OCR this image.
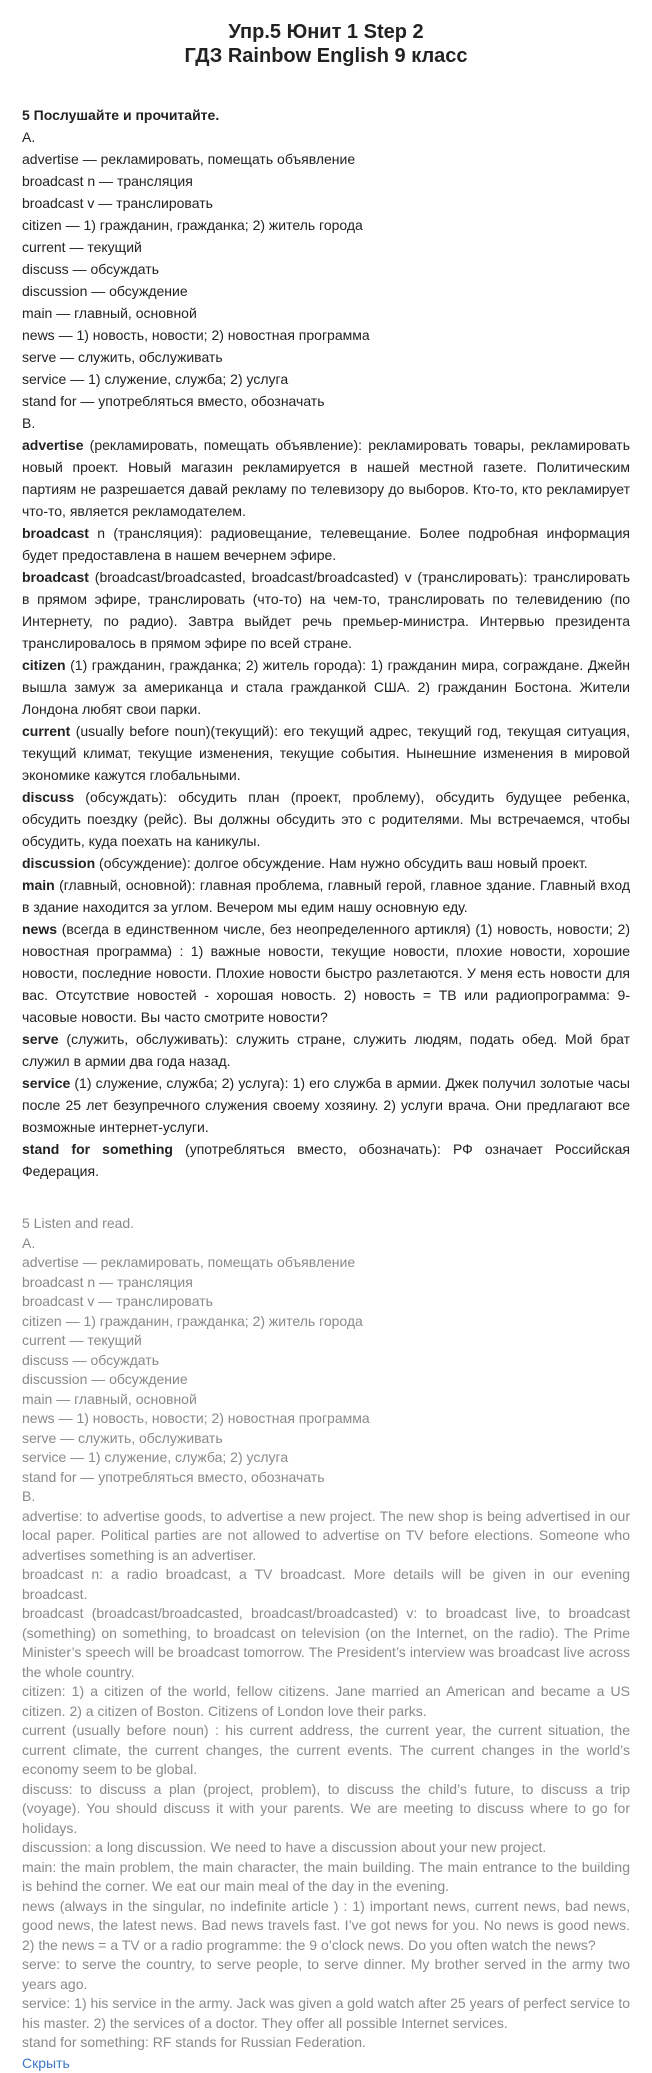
Упр.5 Юнит 1 Step 2
ГДЗ Rainbow English 9 класс
5 Послушайте и прочитайте.
А.
advertise — рекламировать, помещать объявление
broadcast n — трансляция
broadcast v — транслировать
citizen — 1) гражданин, гражданка; 2) житель города
current — текущий
discuss — обсуждать
discussion — обсуждение
main — главный, основной
news — 1) новость, новости; 2) новостная программа
serve — служить, обслуживать
service — 1) служение, служба; 2) услуга
stand for — употребляться вместо, обозначать
В.
advertise (рекламировать, помещать объявление): рекламировать товары, рекламировать новый проект. Новый магазин рекламируется в нашей местной газете. Политическим партиям не разрешается давай рекламу по телевизору до выборов. Кто-то, кто рекламирует что-то, является рекламодателем.
broadcast n (трансляция): радиовещание, телевещание. Более подробная информация будет предоставлена в нашем вечернем эфире.
broadcast (broadcast/broadcasted, broadcast/broadcasted) v (транслировать): транслировать в прямом эфире, транслировать (что-то) на чем-то, транслировать по телевидению (по Интернету, по радио). Завтра выйдет речь премьер-министра. Интервью президента транслировалось в прямом эфире по всей стране.
citizen (1) гражданин, гражданка; 2) житель города): 1) гражданин мира, согражданe. Джейн вышла замуж за американца и стала гражданкой США. 2) гражданин Бостона. Жители Лондона любят свои парки.
current (usually before noun)(текущий): его текущий адрес, текущий год, текущая ситуация, текущий климат, текущие изменения, текущие события. Нынешние изменения в мировой экономике кажутся глобальными.
discuss (обсуждать): обсудить план (проект, проблему), обсудить будущее ребенка, обсудить поездку (рейс). Вы должны обсудить это с родителями. Мы встречаемся, чтобы обсудить, куда поехать на каникулы.
discussion (обсуждение): долгое обсуждение. Нам нужно обсудить ваш новый проект.
main (главный, основной): главная проблема, главный герой, главное здание. Главный вход в здание находится за углом. Вечером мы едим нашу основную еду.
news (всегда в единственном числе, без неопределенного артикля) (1) новость, новости; 2) новостная программа) : 1) важные новости, текущие новости, плохие новости, хорошие новости, последние новости. Плохие новости быстро разлетаются. У меня есть новости для вас. Отсутствие новостей - хорошая новость. 2) новость = ТВ или радиопрограмма: 9-часовые новости. Вы часто смотрите новости?
serve (служить, обслуживать): служить стране, служить людям, подать обед. Мой брат служил в армии два года назад.
service (1) служение, служба; 2) услуга): 1) его служба в армии. Джек получил золотые часы после 25 лет безупречного служения своему хозяину. 2) услуги врача. Они предлагают все возможные интернет-услуги.
stand for something (употребляться вместо, обозначать): РФ означает Российская Федерация.
5 Listen and read.
A.
advertise — рекламировать, помещать объявление
broadcast n — трансляция
broadcast v — транслировать
citizen — 1) гражданин, гражданка; 2) житель города
current — текущий
discuss — обсуждать
discussion — обсуждение
main — главный, основной
news — 1) новость, новости; 2) новостная программа
serve — служить, обслуживать
service — 1) служение, служба; 2) услуга
stand for — употребляться вместо, обозначать
B.
advertise: to advertise goods, to advertise a new project. The new shop is being advertised in our local paper. Political parties are not allowed to advertise on TV before elections. Someone who advertises something is an advertiser.
broadcast n: a radio broadcast, a TV broadcast. More details will be given in our evening broadcast.
broadcast (broadcast/broadcasted, broadcast/broadcasted) v: to broadcast live, to broadcast (something) on something, to broadcast on television (on the Internet, on the radio). The Prime Minister’s speech will be broadcast tomorrow. The President’s interview was broadcast live across the whole country.
citizen: 1) a citizen of the world, fellow citizens. Jane married an American and became a US citizen. 2) a citizen of Boston. Citizens of London love their parks.
current (usually before noun) : his current address, the current year, the current situation, the current climate, the current changes, the current events. The current changes in the world’s economy seem to be global.
discuss: to discuss a plan (project, problem), to discuss the child’s future, to discuss a trip (voyage). You should discuss it with your parents. We are meeting to discuss where to go for holidays.
discussion: a long discussion. We need to have a discussion about your new project.
main: the main problem, the main character, the main building. The main entrance to the building is behind the corner. We eat our main meal of the day in the evening.
news (always in the singular, no indefinite article ) : 1) important news, current news, bad news, good news, the latest news. Bad news travels fast. I’ve got news for you. No news is good news. 2) the news = a TV or a radio programme: the 9 o’clock news. Do you often watch the news?
serve: to serve the country, to serve people, to serve dinner. My brother served in the army two years ago.
service: 1) his service in the army. Jack was given a gold watch after 25 years of perfect service to his master. 2) the services of a doctor. They offer all possible Internet services.
stand for something: RF stands for Russian Federation.
Скрыть
